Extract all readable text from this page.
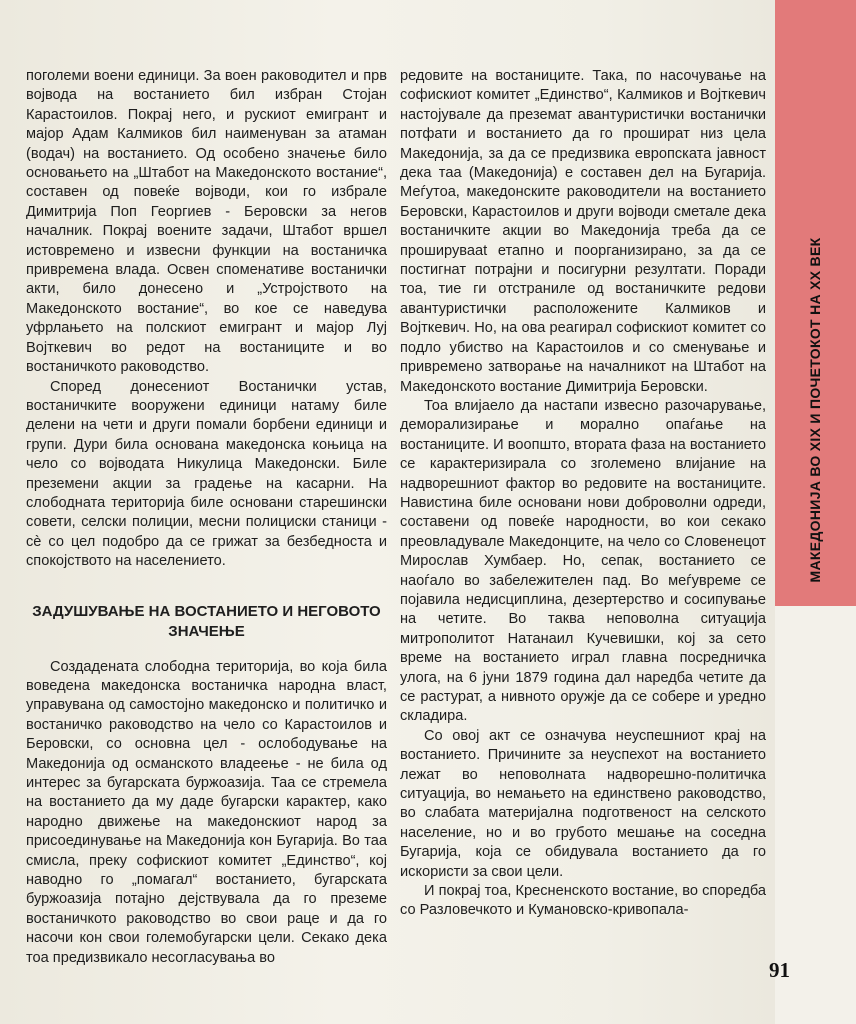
МАКЕДОНИЈА ВО XIX И ПОЧЕТОКОТ НА XX ВЕК

поголеми воени единици. За воен раководител и прв војвода на востанието бил избран Стојан Карастоилов. Покрај него, и рускиот емигрант и мајор Адам Калмиков бил наименуван за атаман (водач) на востанието. Од особено значење било основањето на „Штабот на Македонското востание“, составен од повеќе војводи, кои го избрале Димитрија Поп Георгиев - Беровски за негов началник. Покрај воените задачи, Штабот вршел истовремено и извесни функции на востаничка привремена влада. Освен споменативе востанички акти, било донесено и „Устројството на Македонското востание“, во кое се наведува уфрлањето на полскиот емигрант и мајор Луј Војткевич во редот на востаниците и во востаничкото раководство.

Според донесениот Востанички устав, востаничките вооружени единици натаму биле делени на чети и други помали борбени единици и групи. Дури била основана македонска коњица на чело со војводата Никулица Македонски. Биле преземени акции за градење на касарни. На слободната територија биле основани старешински совети, селски полиции, месни полициски станици - сè со цел подобро да се грижат за безбедноста и спокојството на населението.

ЗАДУШУВАЊЕ НА ВОСТАНИЕТО И НЕГОВОТО ЗНАЧЕЊЕ

Создадената слободна територија, во која била воведена македонска востаничка народна власт, управувана од самостојно македонско и политичко и востаничко раководство на чело со Карастоилов и Беровски, со основна цел - ослободување на Македонија од османското владеење - не била од интерес за бугарската буржоазија. Таа се стремела на востанието да му даде бугарски карактер, како народно движење на македонскиот народ за присоединување на Македонија кон Бугарија. Во таа смисла, преку софискиот комитет „Единство“, кој наводно го „помагал“ востанието, бугарската буржоазија потајно дејствувала да го преземе востаничкото раководство во свои раце и да го насочи кон свои големобугарски цели. Секако дека тоа предизвикало несогласувања во

редовите на востаниците. Така, по насочување на софискиот комитет „Единство“, Калмиков и Војткевич настојувале да преземат авантуристички востанички потфати и востанието да го прошират низ цела Македонија, за да се предизвика европската јавност дека таа (Македонија) е составен дел на Бугарија. Меѓутоа, македонските раководители на востанието Беровски, Карастоилов и други војводи сметале дека востаничките акции во Македонија треба да се проширувааt етапно и поорганизирано, за да се постигнат потрајни и посигурни резултати. Поради тоа, тие ги отстраниле од востаничките редови авантуристички расположените Калмиков и Војткевич. Но, на ова реагирал софискиот комитет со подло убиство на Карастоилов и со сменување и привремено затворање на началникот на Штабот на Македонското востание Димитрија Беровски.

Тоа влијаело да настапи извесно разочарување, деморализирање и морално опаѓање на востаниците. И воопшто, втората фаза на востанието се карактеризирала со зголемено влијание на надворешниот фактор во редовите на востаниците. Навистина биле основани нови доброволни одреди, составени од повеќе народности, во кои секако преовладувале Македонците, на чело со Словенецот Мирослав Хумбаер. Но, сепак, востанието се наоѓало во забележителен пад. Во меѓувреме се појавила недисциплина, дезертерство и сосипување на четите. Во таква неповолна ситуација митрополитот Натанаил Кучевишки, кој за сето време на востанието играл главна посредничка улога, на 6 јуни 1879 година дал наредба четите да се растурат, а нивното оружје да се собере и уредно складира.

Со овој акт се означува неуспешниот крај на востанието. Причините за неуспехот на востанието лежат во неповолната надворешно-политичка ситуација, во немањето на единствено раководство, во слабата материјална подготвеност на селското население, но и во грубото мешање на соседна Бугарија, која се обидувала востанието да го искористи за свои цели.

И покрај тоа, Кресненското востание, во споредба со Разловечкото и Кумановско-кривопала-

91
